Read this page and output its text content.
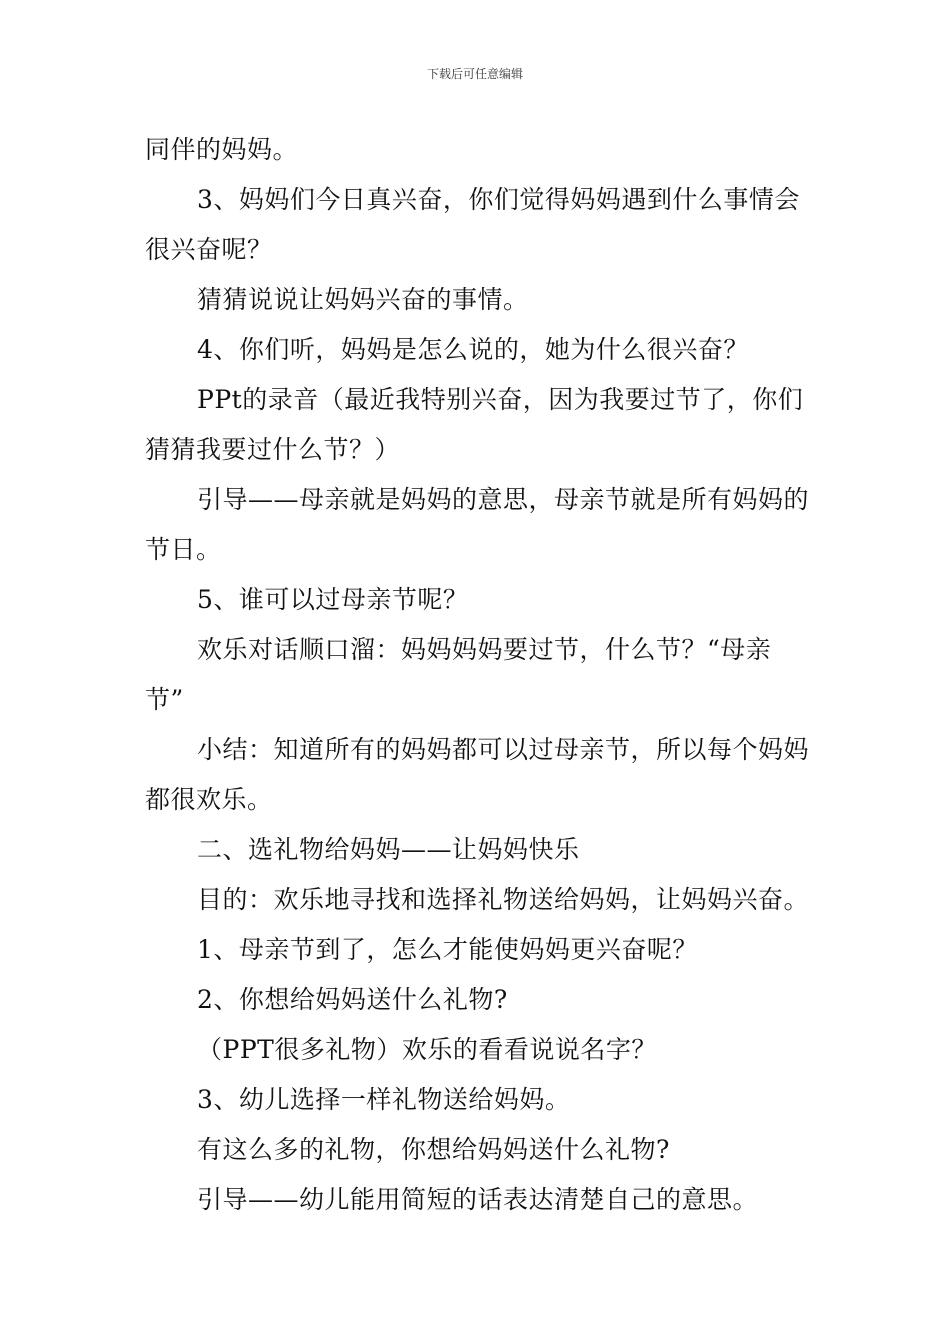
下载后可任意编辑

同伴的妈妈。

3、妈妈们今日真兴奋，你们觉得妈妈遇到什么事情会很兴奋呢？

猜猜说说让妈妈兴奋的事情。

4、你们听，妈妈是怎么说的，她为什么很兴奋？

PPt的录音（最近我特别兴奋，因为我要过节了，你们猜猜我要过什么节？）

引导——母亲就是妈妈的意思，母亲节就是所有妈妈的节日。

5、谁可以过母亲节呢？

欢乐对话顺口溜：妈妈妈妈要过节，什么节？“母亲节”

小结：知道所有的妈妈都可以过母亲节，所以每个妈妈都很欢乐。

二、选礼物给妈妈——让妈妈快乐

目的：欢乐地寻找和选择礼物送给妈妈，让妈妈兴奋。

1、母亲节到了，怎么才能使妈妈更兴奋呢？

2、你想给妈妈送什么礼物?

（PPT很多礼物）欢乐的看看说说名字？

3、幼儿选择一样礼物送给妈妈。

有这么多的礼物，你想给妈妈送什么礼物?

引导——幼儿能用简短的话表达清楚自己的意思。
